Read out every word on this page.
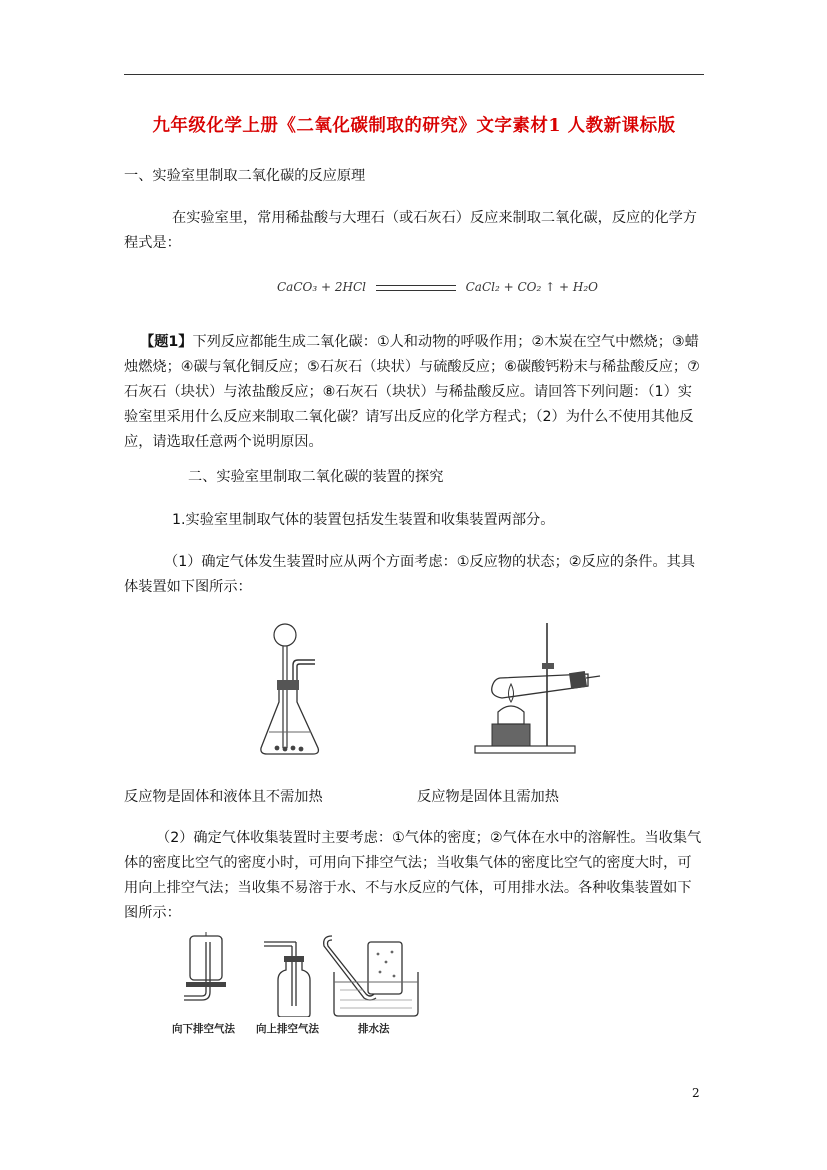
九年级化学上册《二氧化碳制取的研究》文字素材1 人教新课标版
一、实验室里制取二氧化碳的反应原理
在实验室里，常用稀盐酸与大理石（或石灰石）反应来制取二氧化碳，反应的化学方程式是：
CaCO₃ + 2HCl	CaCl₂ + CO₂ ↑ + H₂O
【题1】下列反应都能生成二氧化碳：①人和动物的呼吸作用；②木炭在空气中燃烧；③蜡烛燃烧；④碳与氧化铜反应；⑤石灰石（块状）与硫酸反应；⑥碳酸钙粉末与稀盐酸反应；⑦石灰石（块状）与浓盐酸反应；⑧石灰石（块状）与稀盐酸反应。请回答下列问题：（1）实验室里采用什么反应来制取二氧化碳？请写出反应的化学方程式；（2）为什么不使用其他反应，请选取任意两个说明原因。
二、实验室里制取二氧化碳的装置的探究
1.实验室里制取气体的装置包括发生装置和收集装置两部分。
（1）确定气体发生装置时应从两个方面考虑：①反应物的状态；②反应的条件。其具体装置如下图所示：
反应物是固体和液体且不需加热	反应物是固体且需加热
（2）确定气体收集装置时主要考虑：①气体的密度；②气体在水中的溶解性。当收集气体的密度比空气的密度小时，可用向下排空气法；当收集气体的密度比空气的密度大时，可用向上排空气法；当收集不易溶于水、不与水反应的气体，可用排水法。各种收集装置如下图所示：
向下排空气法 向上排空气法	排水法
2
